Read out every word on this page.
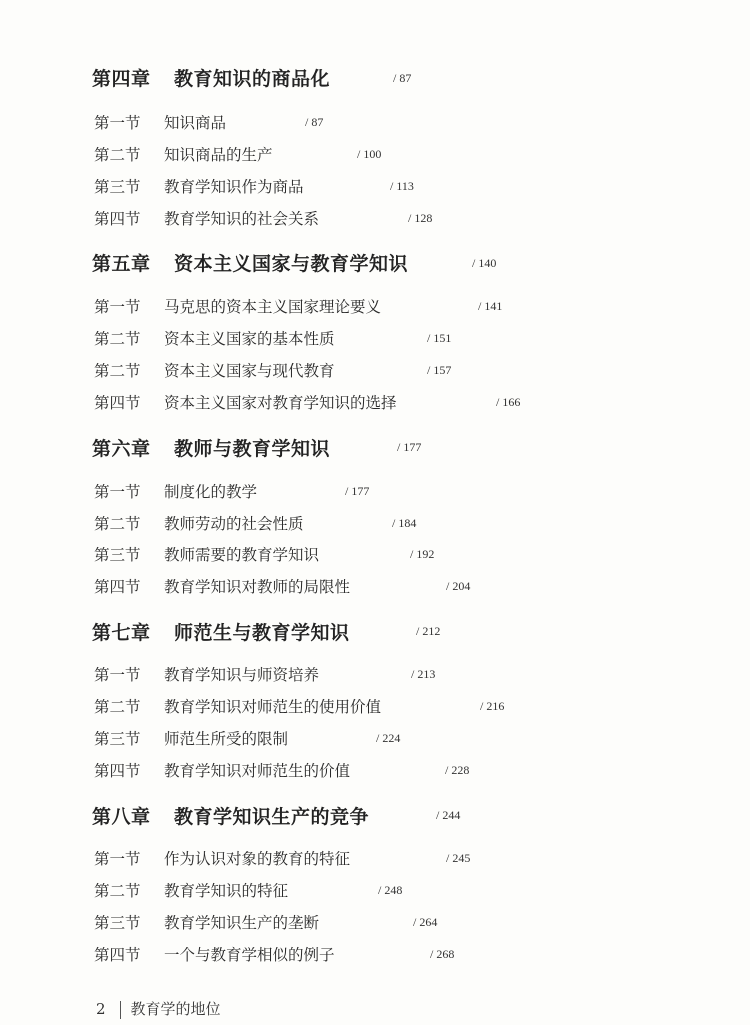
第四章 教育知识的商品化	/ 87
第一节 知识商品	/ 87
第二节 知识商品的生产	/ 100
第三节 教育学知识作为商品	/ 113
第四节 教育学知识的社会关系	/ 128
第五章 资本主义国家与教育学知识	/ 140
第一节 马克思的资本主义国家理论要义	/ 141
第二节 资本主义国家的基本性质	/ 151
第二节 资本主义国家与现代教育	/ 157
第四节 资本主义国家对教育学知识的选择	/ 166
第六章 教师与教育学知识	/ 177
第一节 制度化的教学	/ 177
第二节 教师劳动的社会性质	/ 184
第三节 教师需要的教育学知识	/ 192
第四节 教育学知识对教师的局限性	/ 204
第七章 师范生与教育学知识	/ 212
第一节 教育学知识与师资培养	/ 213
第二节 教育学知识对师范生的使用价值	/ 216
第三节 师范生所受的限制	/ 224
第四节 教育学知识对师范生的价值	/ 228
第八章 教育学知识生产的竞争	/ 244
第一节 作为认识对象的教育的特征	/ 245
第二节 教育学知识的特征	/ 248
第三节 教育学知识生产的垄断	/ 264
第四节 一个与教育学相似的例子	/ 268
2 教育学的地位
